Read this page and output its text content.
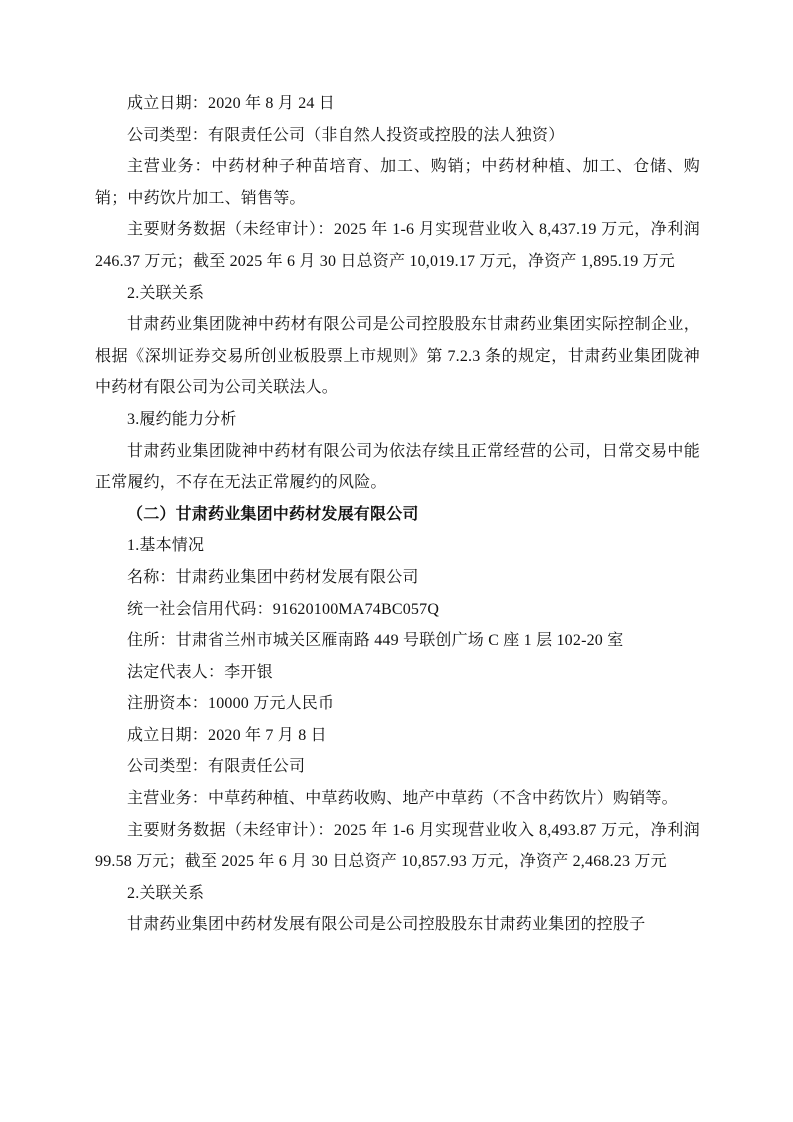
成立日期：2020 年 8 月 24 日

公司类型：有限责任公司（非自然人投资或控股的法人独资）

主营业务：中药材种子种苗培育、加工、购销；中药材种植、加工、仓储、购销；中药饮片加工、销售等。

主要财务数据（未经审计）：2025 年 1-6 月实现营业收入 8,437.19 万元，净利润 246.37 万元；截至 2025 年 6 月 30 日总资产 10,019.17 万元，净资产 1,895.19 万元

2.关联关系

甘肃药业集团陇神中药材有限公司是公司控股股东甘肃药业集团实际控制企业，根据《深圳证券交易所创业板股票上市规则》第 7.2.3 条的规定，甘肃药业集团陇神中药材有限公司为公司关联法人。

3.履约能力分析

甘肃药业集团陇神中药材有限公司为依法存续且正常经营的公司，日常交易中能正常履约，不存在无法正常履约的风险。

（二）甘肃药业集团中药材发展有限公司

1.基本情况

名称：甘肃药业集团中药材发展有限公司

统一社会信用代码：91620100MA74BC057Q

住所：甘肃省兰州市城关区雁南路 449 号联创广场 C 座 1 层 102-20 室

法定代表人：李开银

注册资本：10000 万元人民币

成立日期：2020 年 7 月 8 日

公司类型：有限责任公司

主营业务：中草药种植、中草药收购、地产中草药（不含中药饮片）购销等。

主要财务数据（未经审计）：2025 年 1-6 月实现营业收入 8,493.87 万元，净利润 99.58 万元；截至 2025 年 6 月 30 日总资产 10,857.93 万元，净资产 2,468.23 万元

2.关联关系

甘肃药业集团中药材发展有限公司是公司控股股东甘肃药业集团的控股子
